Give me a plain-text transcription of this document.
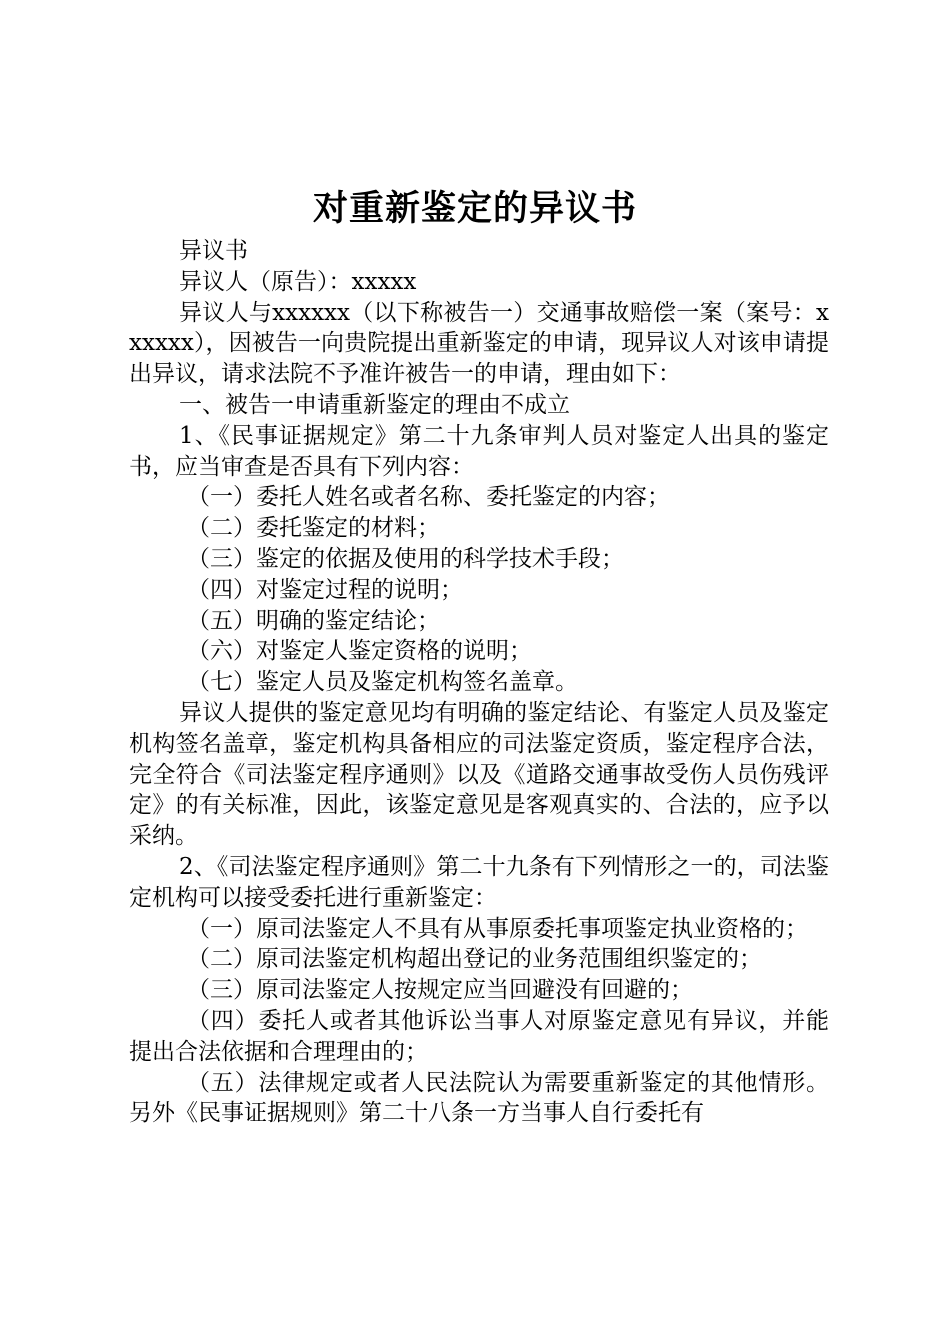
对重新鉴定的异议书

异议书

异议人（原告）：xxxxx

异议人与xxxxxx（以下称被告一）交通事故赔偿一案（案号：xxxxxx），因被告一向贵院提出重新鉴定的申请，现异议人对该申请提出异议，请求法院不予准许被告一的申请，理由如下：

一、被告一申请重新鉴定的理由不成立

1、《民事证据规定》第二十九条审判人员对鉴定人出具的鉴定书，应当审查是否具有下列内容：

（一）委托人姓名或者名称、委托鉴定的内容；

（二）委托鉴定的材料；

（三）鉴定的依据及使用的科学技术手段；

（四）对鉴定过程的说明；

（五）明确的鉴定结论；

（六）对鉴定人鉴定资格的说明；

（七）鉴定人员及鉴定机构签名盖章。

异议人提供的鉴定意见均有明确的鉴定结论、有鉴定人员及鉴定机构签名盖章，鉴定机构具备相应的司法鉴定资质，鉴定程序合法，完全符合《司法鉴定程序通则》以及《道路交通事故受伤人员伤残评定》的有关标准，因此，该鉴定意见是客观真实的、合法的，应予以采纳。

2、《司法鉴定程序通则》第二十九条有下列情形之一的，司法鉴定机构可以接受委托进行重新鉴定：

（一）原司法鉴定人不具有从事原委托事项鉴定执业资格的；

（二）原司法鉴定机构超出登记的业务范围组织鉴定的；

（三）原司法鉴定人按规定应当回避没有回避的；

（四）委托人或者其他诉讼当事人对原鉴定意见有异议，并能提出合法依据和合理理由的；

（五）法律规定或者人民法院认为需要重新鉴定的其他情形。另外《民事证据规则》第二十八条一方当事人自行委托有
